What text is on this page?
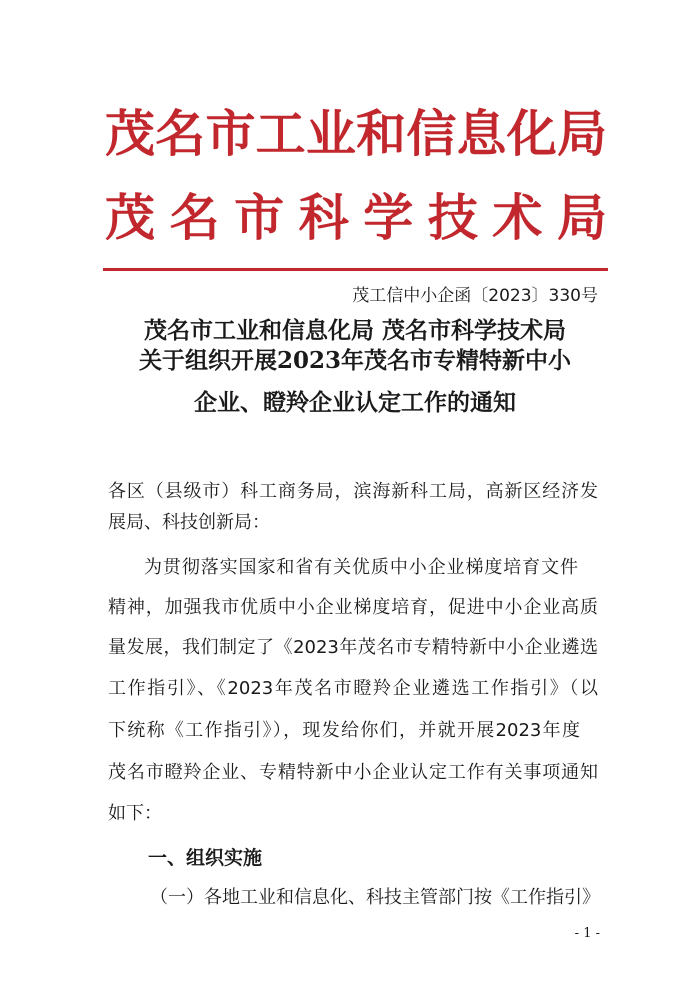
茂名市工业和信息化局
茂名市科学技术局
茂工信中小企函〔2023〕330号
茂名市工业和信息化局 茂名市科学技术局
关于组织开展2023年茂名市专精特新中小
企业、瞪羚企业认定工作的通知
各区（县级市）科工商务局，滨海新科工局，高新区经济发
展局、科技创新局：
为贯彻落实国家和省有关优质中小企业梯度培育文件
精神，加强我市优质中小企业梯度培育，促进中小企业高质
量发展，我们制定了《2023年茂名市专精特新中小企业遴选
工作指引》、《2023年茂名市瞪羚企业遴选工作指引》（以
下统称《工作指引》），现发给你们，并就开展2023年度
茂名市瞪羚企业、专精特新中小企业认定工作有关事项通知
如下：
一、组织实施
（一）各地工业和信息化、科技主管部门按《工作指引》
- 1 -
